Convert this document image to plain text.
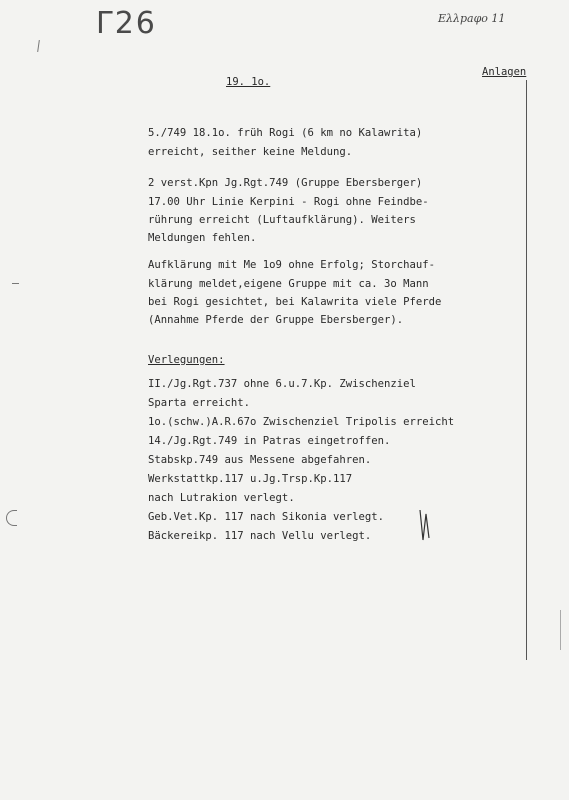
Γ26	Eλλpaφo 11
19. 1o.
Anlagen
5./749 18.1o. früh Rogi (6 km no Kalawrita)
erreicht, seither keine Meldung.
2 verst.Kpn Jg.Rgt.749 (Gruppe Ebersberger)
17.00 Uhr Linie Kerpini - Rogi ohne Feindbe-
rührung erreicht (Luftaufklärung). Weiters
Meldungen fehlen.
Aufklärung mit Me 1o9 ohne Erfolg; Storchauf-
klärung meldet,eigene Gruppe mit ca. 3o Mann
bei Rogi gesichtet, bei Kalawrita viele Pferde
(Annahme Pferde der Gruppe Ebersberger).
Verlegungen:
II./Jg.Rgt.737 ohne 6.u.7.Kp. Zwischenziel
Sparta erreicht.
1o.(schw.)A.R.67o Zwischenziel Tripolis erreicht
14./Jg.Rgt.749 in Patras eingetroffen.
Stabskp.749 aus Messene abgefahren.
Werkstattkp.117 u.Jg.Trsp.Kp.117
nach Lutrakion verlegt.
Geb.Vet.Kp. 117 nach Sikonia verlegt.
Bäckereikp. 117 nach Vellu verlegt.
